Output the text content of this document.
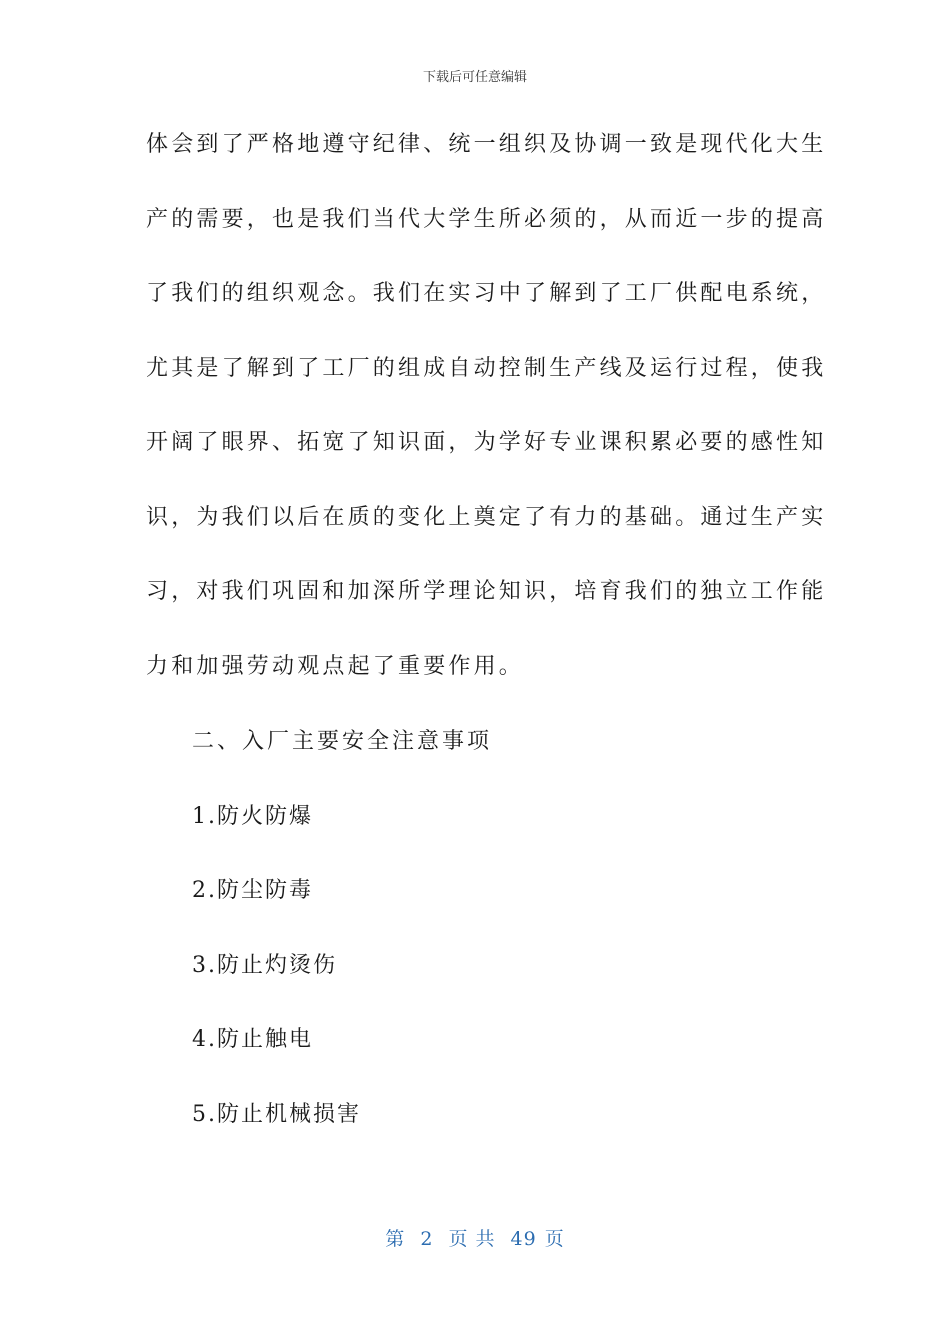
下载后可任意编辑
体会到了严格地遵守纪律、统一组织及协调一致是现代化大生
产的需要，也是我们当代大学生所必须的，从而近一步的提高
了我们的组织观念。我们在实习中了解到了工厂供配电系统，
尤其是了解到了工厂的组成自动控制生产线及运行过程，使我
开阔了眼界、拓宽了知识面，为学好专业课积累必要的感性知
识，为我们以后在质的变化上奠定了有力的基础。通过生产实
习，对我们巩固和加深所学理论知识，培育我们的独立工作能
力和加强劳动观点起了重要作用。
二、入厂主要安全注意事项
1.防火防爆
2.防尘防毒
3.防止灼烫伤
4.防止触电
5.防止机械损害
第 2 页 共 49 页
